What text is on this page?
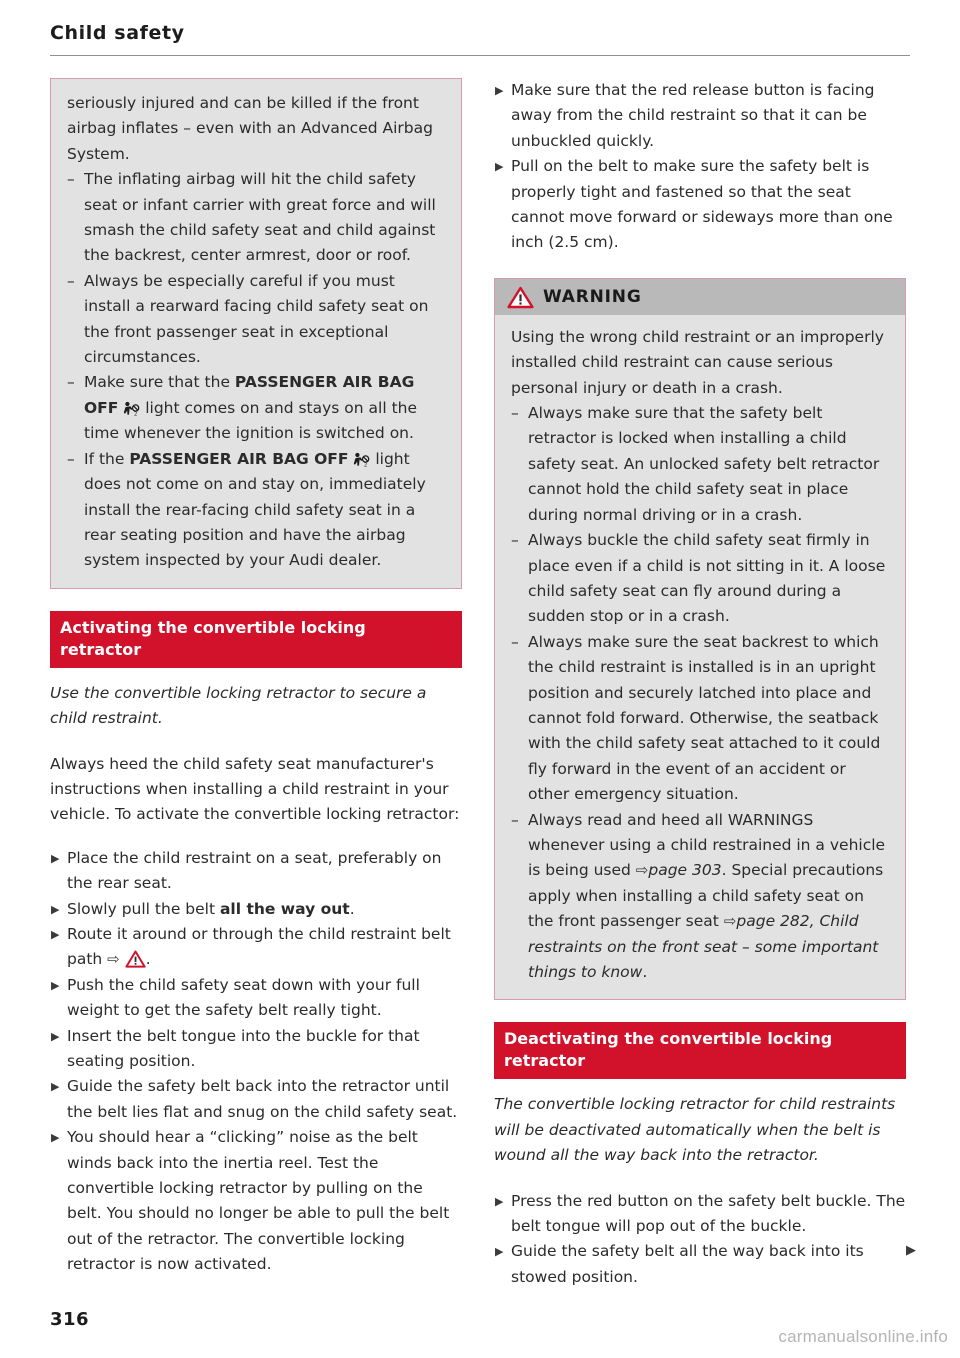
Child safety
seriously injured and can be killed if the front airbag inflates – even with an Advanced Airbag System.
– The inflating airbag will hit the child safety seat or infant carrier with great force and will smash the child safety seat and child against the backrest, center armrest, door or roof.
– Always be especially careful if you must install a rearward facing child safety seat on the front passenger seat in exceptional circumstances.
– Make sure that the PASSENGER AIR BAG OFF	2 light comes on and stays on all the time whenever the ignition is switched on.
– If the PASSENGER AIR BAG OFF	2 light does not come on and stay on, immediately install the rear-facing child safety seat in a rear seating position and have the airbag system inspected by your Audi dealer.
Activating the convertible locking retractor
Use the convertible locking retractor to secure a child restraint.
Always heed the child safety seat manufacturer's instructions when installing a child restraint in your vehicle. To activate the convertible locking retractor:
▶ Place the child restraint on a seat, preferably on the rear seat.
▶ Slowly pull the belt all the way out.
▶ Route it around or through the child restraint belt path ⇨ .
▶ Push the child safety seat down with your full weight to get the safety belt really tight.
▶ Insert the belt tongue into the buckle for that seating position.
▶ Guide the safety belt back into the retractor until the belt lies flat and snug on the child safety seat.
▶ You should hear a “clicking” noise as the belt winds back into the inertia reel. Test the convertible locking retractor by pulling on the belt. You should no longer be able to pull the belt out of the retractor. The convertible locking retractor is now activated.
▶ Make sure that the red release button is facing away from the child restraint so that it can be unbuckled quickly.
▶ Pull on the belt to make sure the safety belt is properly tight and fastened so that the seat cannot move forward or sideways more than one inch (2.5 cm).
WARNING
Using the wrong child restraint or an improperly installed child restraint can cause serious personal injury or death in a crash.
– Always make sure that the safety belt retractor is locked when installing a child safety seat. An unlocked safety belt retractor cannot hold the child safety seat in place during normal driving or in a crash.
– Always buckle the child safety seat firmly in place even if a child is not sitting in it. A loose child safety seat can fly around during a sudden stop or in a crash.
– Always make sure the seat backrest to which the child restraint is installed is in an upright position and securely latched into place and cannot fold forward. Otherwise, the seatback with the child safety seat attached to it could fly forward in the event of an accident or other emergency situation.
– Always read and heed all WARNINGS whenever using a child restrained in a vehicle is being used ⇨page 303. Special precautions apply when installing a child safety seat on the front passenger seat ⇨page 282, Child restraints on the front seat – some important things to know.
Deactivating the convertible locking retractor
The convertible locking retractor for child restraints will be deactivated automatically when the belt is wound all the way back into the retractor.
▶ Press the red button on the safety belt buckle. The belt tongue will pop out of the buckle.
▶ Guide the safety belt all the way back into its stowed position.
▶
316
carmanualsonline.info
